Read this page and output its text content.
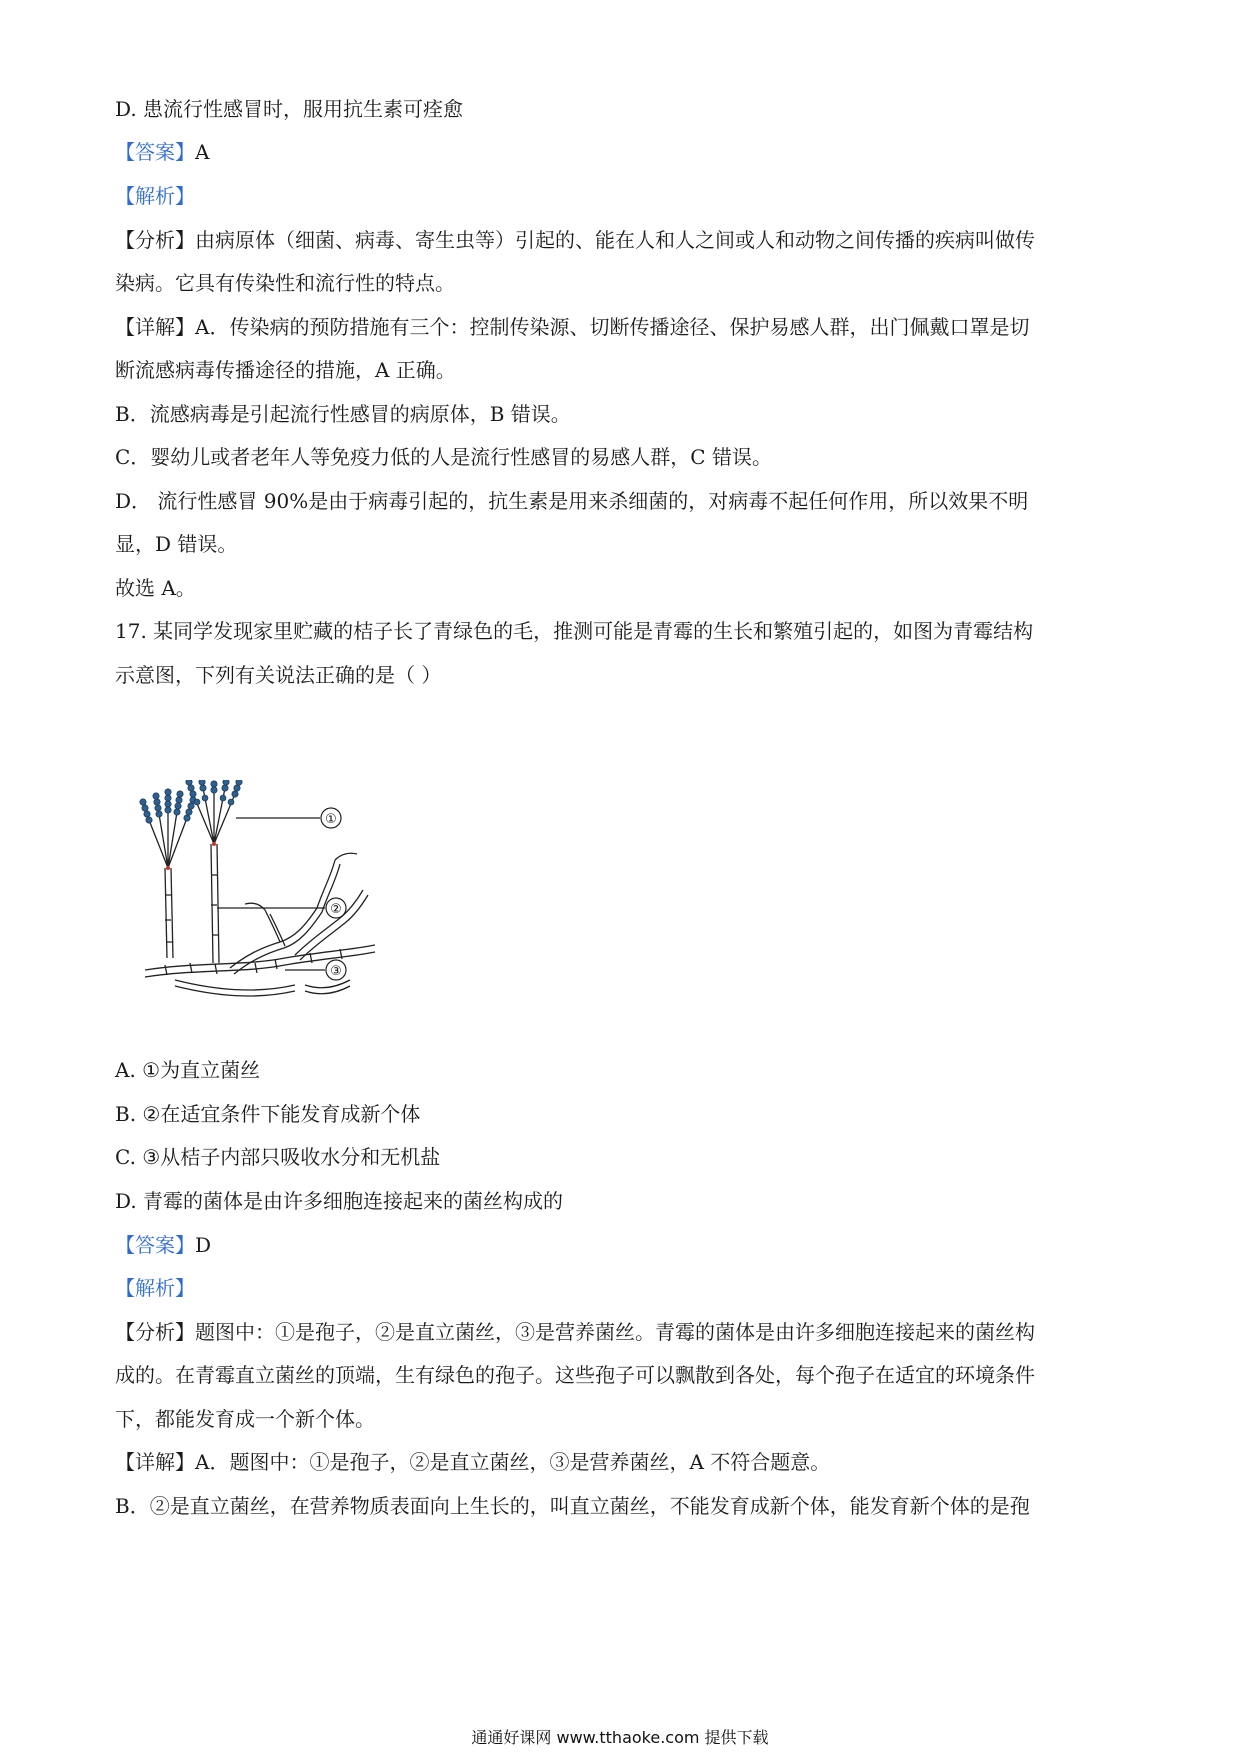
D. 患流行性感冒时，服用抗生素可痊愈
【答案】A
【解析】
【分析】由病原体（细菌、病毒、寄生虫等）引起的、能在人和人之间或人和动物之间传播的疾病叫做传
染病。它具有传染性和流行性的特点。
【详解】A．传染病的预防措施有三个：控制传染源、切断传播途径、保护易感人群，出门佩戴口罩是切
断流感病毒传播途径的措施，A 正确。
B．流感病毒是引起流行性感冒的病原体，B 错误。
C．婴幼儿或者老年人等免疫力低的人是流行性感冒的易感人群，C 错误。
D． 流行性感冒 90%是由于病毒引起的，抗生素是用来杀细菌的，对病毒不起任何作用，所以效果不明
显，D 错误。
故选 A。
17. 某同学发现家里贮藏的桔子长了青绿色的毛，推测可能是青霉的生长和繁殖引起的，如图为青霉结构
示意图，下列有关说法正确的是（ ）
①
②
③
A. ①为直立菌丝
B. ②在适宜条件下能发育成新个体
C. ③从桔子内部只吸收水分和无机盐
D. 青霉的菌体是由许多细胞连接起来的菌丝构成的
【答案】D
【解析】
【分析】题图中：①是孢子，②是直立菌丝，③是营养菌丝。青霉的菌体是由许多细胞连接起来的菌丝构
成的。在青霉直立菌丝的顶端，生有绿色的孢子。这些孢子可以飘散到各处，每个孢子在适宜的环境条件
下，都能发育成一个新个体。
【详解】A．题图中：①是孢子，②是直立菌丝，③是营养菌丝，A 不符合题意。
B．②是直立菌丝，在营养物质表面向上生长的，叫直立菌丝，不能发育成新个体，能发育新个体的是孢
通通好课网 www.tthaoke.com 提供下载
